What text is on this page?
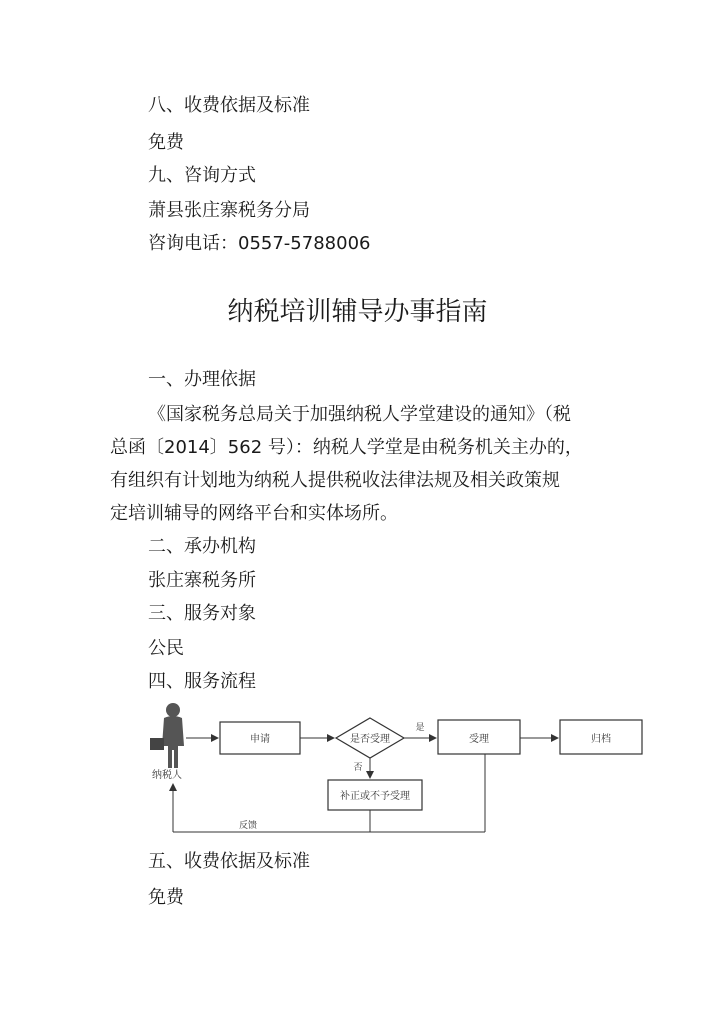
八、收费依据及标准
免费
九、咨询方式
萧县张庄寨税务分局
咨询电话：0557-5788006
纳税培训辅导办事指南
一、办理依据
《国家税务总局关于加强纳税人学堂建设的通知》（税
总函〔2014〕562 号）：纳税人学堂是由税务机关主办的，
有组织有计划地为纳税人提供税收法律法规及相关政策规
定培训辅导的网络平台和实体场所。
二、承办机构
张庄寨税务所
三、服务对象
公民
四、服务流程
纳税人
申请	是否受理
是
受理	归档
否
补正或不予受理
反馈
五、收费依据及标准
免费
